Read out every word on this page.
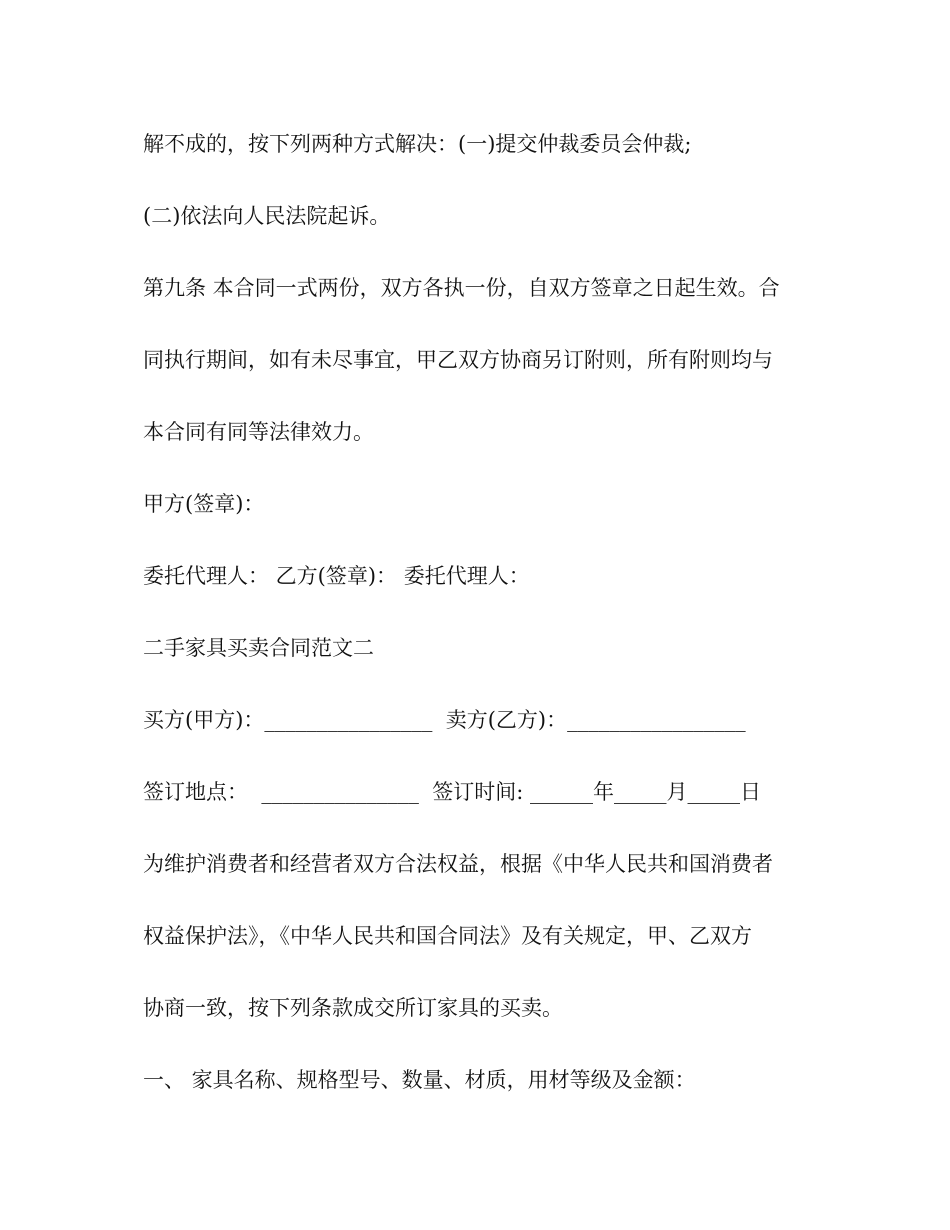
解不成的，按下列两种方式解决：(一)提交仲裁委员会仲裁;
(二)依法向人民法院起诉。
第九条 本合同一式两份，双方各执一份，自双方签章之日起生效。合
同执行期间，如有未尽事宜，甲乙双方协商另订附则，所有附则均与
本合同有同等法律效力。
甲方(签章)：
委托代理人： 乙方(签章)： 委托代理人：
二手家具买卖合同范文二
买方(甲方)：________________  卖方(乙方)：_________________
签订地点：  _______________  签订时间: ______年_____月_____日
为维护消费者和经营者双方合法权益，根据《中华人民共和国消费者
权益保护法》，《中华人民共和国合同法》及有关规定，甲、乙双方
协商一致，按下列条款成交所订家具的买卖。
一、 家具名称、规格型号、数量、材质，用材等级及金额：
